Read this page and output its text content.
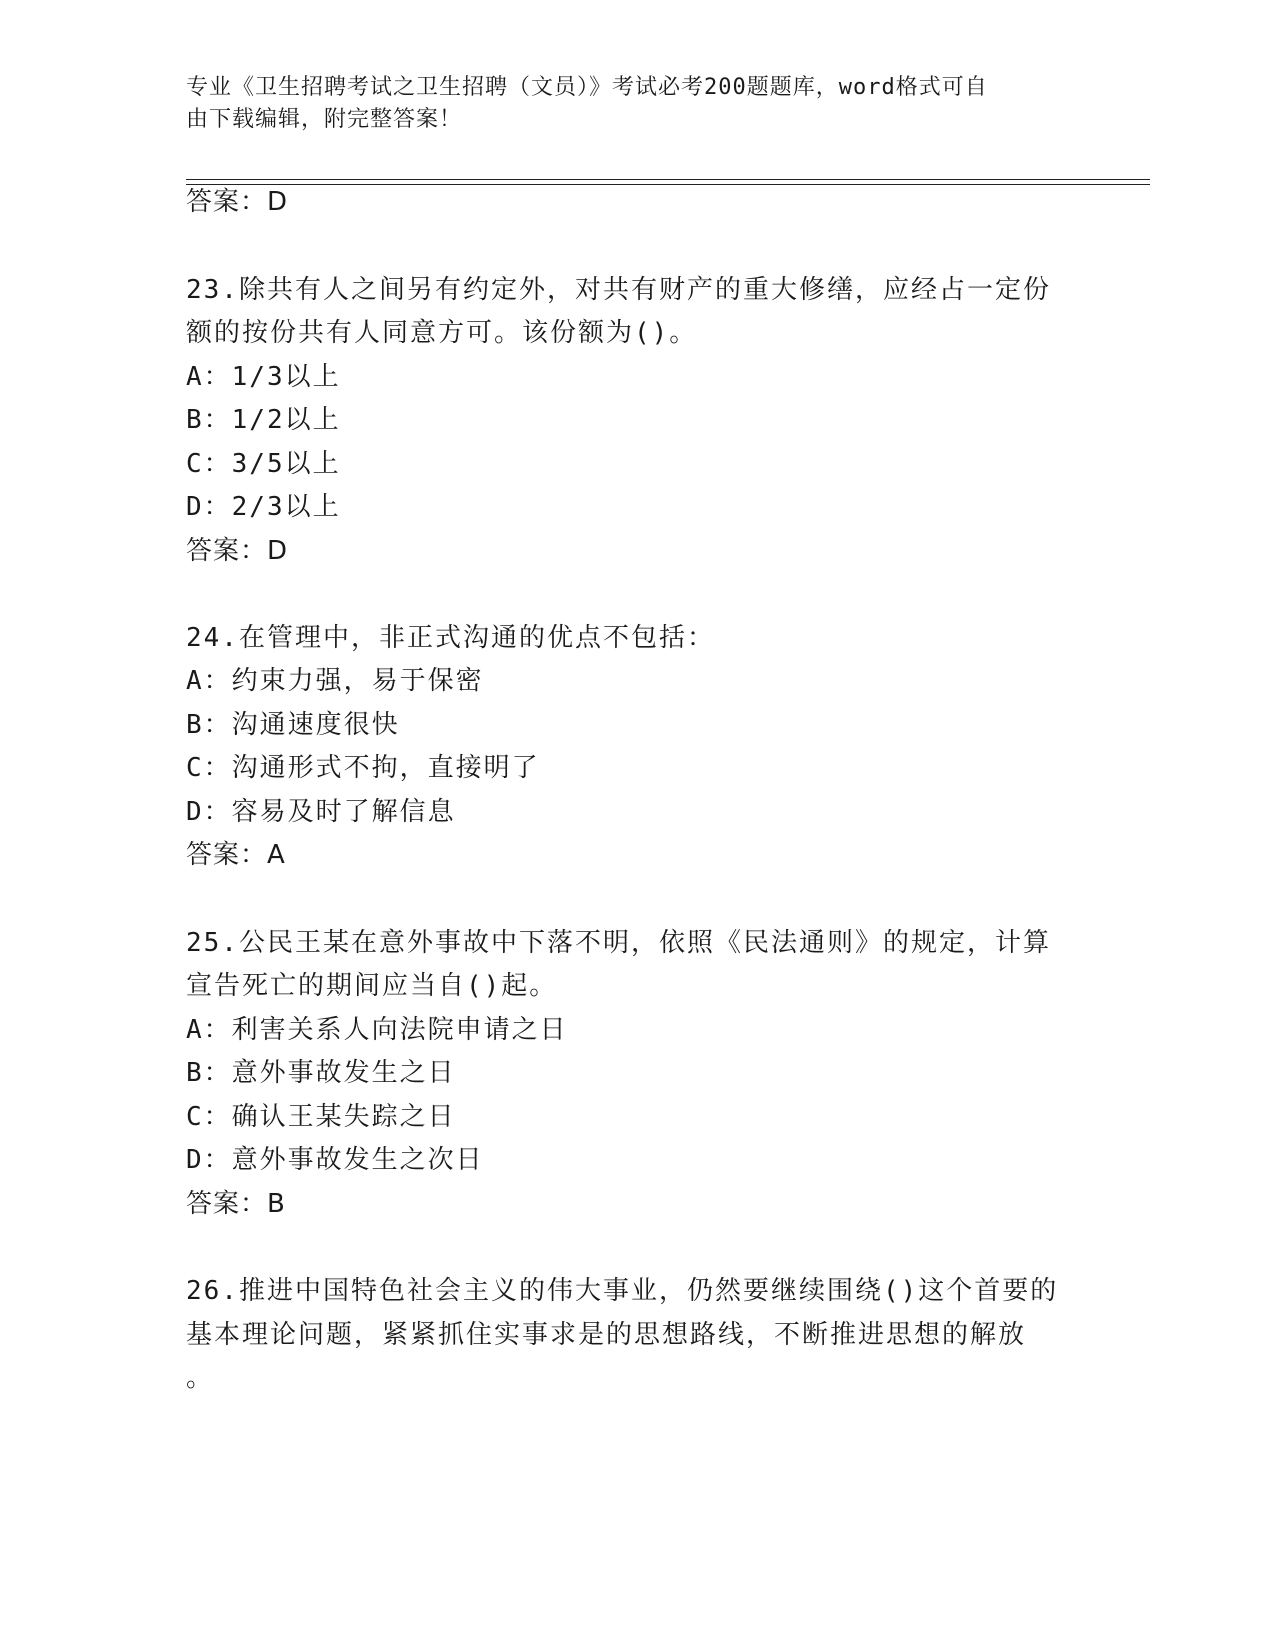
专业《卫生招聘考试之卫生招聘（文员）》考试必考200题题库，word格式可自
由下载编辑，附完整答案！
答案：D
23.除共有人之间另有约定外，对共有财产的重大修缮，应经占一定份
额的按份共有人同意方可。该份额为()。
A：1/3以上
B：1/2以上
C：3/5以上
D：2/3以上
答案：D
24.在管理中，非正式沟通的优点不包括：
A：约束力强，易于保密
B：沟通速度很快
C：沟通形式不拘，直接明了
D：容易及时了解信息
答案：A
25.公民王某在意外事故中下落不明，依照《民法通则》的规定，计算
宣告死亡的期间应当自()起。
A：利害关系人向法院申请之日
B：意外事故发生之日
C：确认王某失踪之日
D：意外事故发生之次日
答案：B
26.推进中国特色社会主义的伟大事业，仍然要继续围绕()这个首要的
基本理论问题，紧紧抓住实事求是的思想路线，不断推进思想的解放
。
